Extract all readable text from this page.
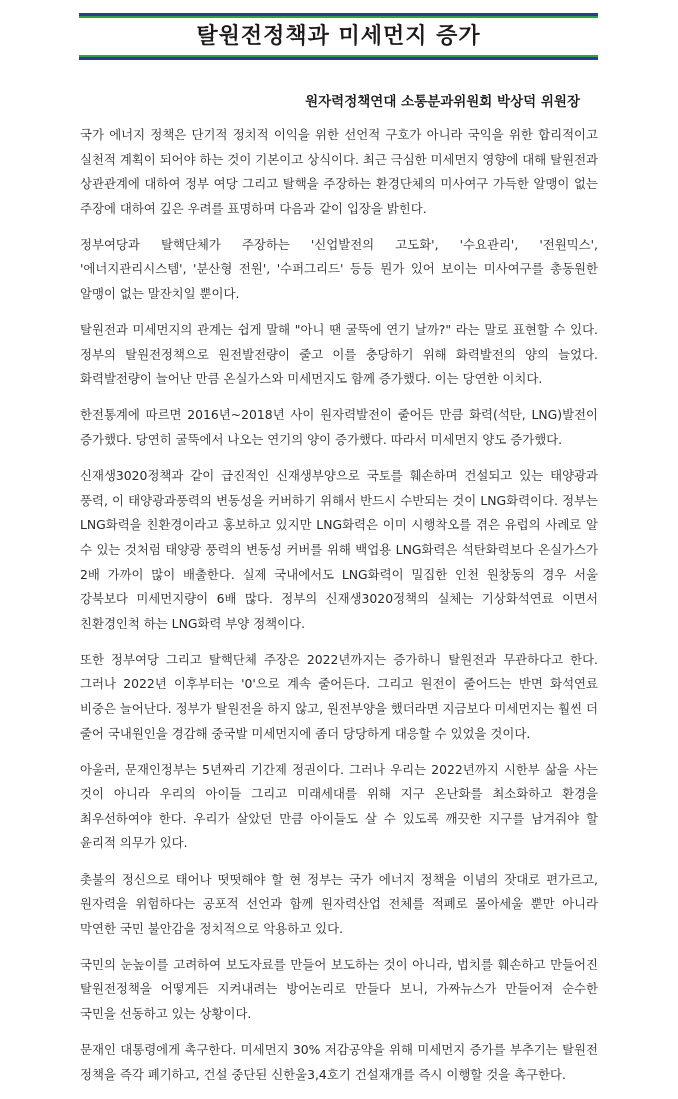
탈원전정책과 미세먼지 증가
원자력정책연대 소통분과위원회 박상덕 위원장

국가 에너지 정책은 단기적 정치적 이익을 위한 선언적 구호가 아니라 국익을 위한 합리적이고 실천적 계획이 되어야 하는 것이 기본이고 상식이다. 최근 극심한 미세먼지 영향에 대해 탈원전과 상관관계에 대하여 정부 여당 그리고 탈핵을 주장하는 환경단체의 미사여구 가득한 알맹이 없는 주장에 대하여 깊은 우려를 표명하며 다음과 같이 입장을 밝힌다.

정부여당과 탈핵단체가 주장하는 '신업발전의 고도화', '수요관리', '전원믹스', '에너지관리시스템', '분산형 전원', '수퍼그리드' 등등 뭔가 있어 보이는 미사여구를 총동원한 알맹이 없는 말잔치일 뿐이다.

탈원전과 미세먼지의 관계는 쉽게 말해 "아니 땐 굴뚝에 연기 날까?" 라는 말로 표현할 수 있다. 정부의 탈원전정책으로 원전발전량이 줄고 이를 충당하기 위해 화력발전의 양의 늘었다. 화력발전량이 늘어난 만큼 온실가스와 미세먼지도 함께 증가했다. 이는 당연한 이치다.

한전통계에 따르면 2016년~2018년 사이 원자력발전이 줄어든 만큼 화력(석탄, LNG)발전이 증가했다. 당연히 굴뚝에서 나오는 연기의 양이 증가했다. 따라서 미세먼지 양도 증가했다.

신재생3020정책과 같이 급진적인 신재생부양으로 국토를 훼손하며 건설되고 있는 태양광과 풍력, 이 태양광과풍력의 변동성을 커버하기 위해서 반드시 수반되는 것이 LNG화력이다. 정부는 LNG화력을 친환경이라고 홍보하고 있지만 LNG화력은 이미 시행착오를 겪은 유럽의 사례로 알 수 있는 것처럼 태양광 풍력의 변동성 커버를 위해 백업용 LNG화력은 석탄화력보다 온실가스가 2배 가까이 많이 배출한다. 실제 국내에서도 LNG화력이 밀집한 인천 원창동의 경우 서울 강북보다 미세먼지량이 6배 많다. 정부의 신재생3020정책의 실체는 기상화석연료 이면서 친환경인척 하는 LNG화력 부양 정책이다.

또한 정부여당 그리고 탈핵단체 주장은 2022년까지는 증가하니 탈원전과 무관하다고 한다. 그러나 2022년 이후부터는 '0'으로 계속 줄어든다. 그리고 원전이 줄어드는 반면 화석연료 비중은 늘어난다. 정부가 탈원전을 하지 않고, 원전부양을 했더라면 지금보다 미세먼지는 훨씬 더 줄어 국내원인을 경감해 중국발 미세먼지에 좀더 당당하게 대응할 수 있었을 것이다.

아울러, 문재인정부는 5년짜리 기간제 정권이다. 그러나 우리는 2022년까지 시한부 삶을 사는 것이 아니라 우리의 아이들 그리고 미래세대를 위해 지구 온난화를 최소화하고 환경을 최우선하여야 한다. 우리가 살았던 만큼 아이들도 살 수 있도록 깨끗한 지구를 남겨줘야 할 윤리적 의무가 있다.

촛불의 정신으로 태어나 떳떳해야 할 현 정부는 국가 에너지 정책을 이념의 잣대로 편가르고, 원자력을 위험하다는 공포적 선언과 함께 원자력산업 전체를 적폐로 몰아세울 뿐만 아니라 막연한 국민 불안감을 정치적으로 악용하고 있다.

국민의 눈높이를 고려하여 보도자료를 만들어 보도하는 것이 아니라, 법치를 훼손하고 만들어진 탈원전정책을 어떻게든 지켜내려는 방어논리로 만들다 보니, 가짜뉴스가 만들어져 순수한 국민을 선동하고 있는 상황이다.

문재인 대통령에게 촉구한다. 미세먼지 30% 저감공약을 위해 미세먼지 증가를 부추기는 탈원전 정책을 즉각 폐기하고, 건설 중단된 신한울3,4호기 건설재개를 즉시 이행할 것을 촉구한다.
